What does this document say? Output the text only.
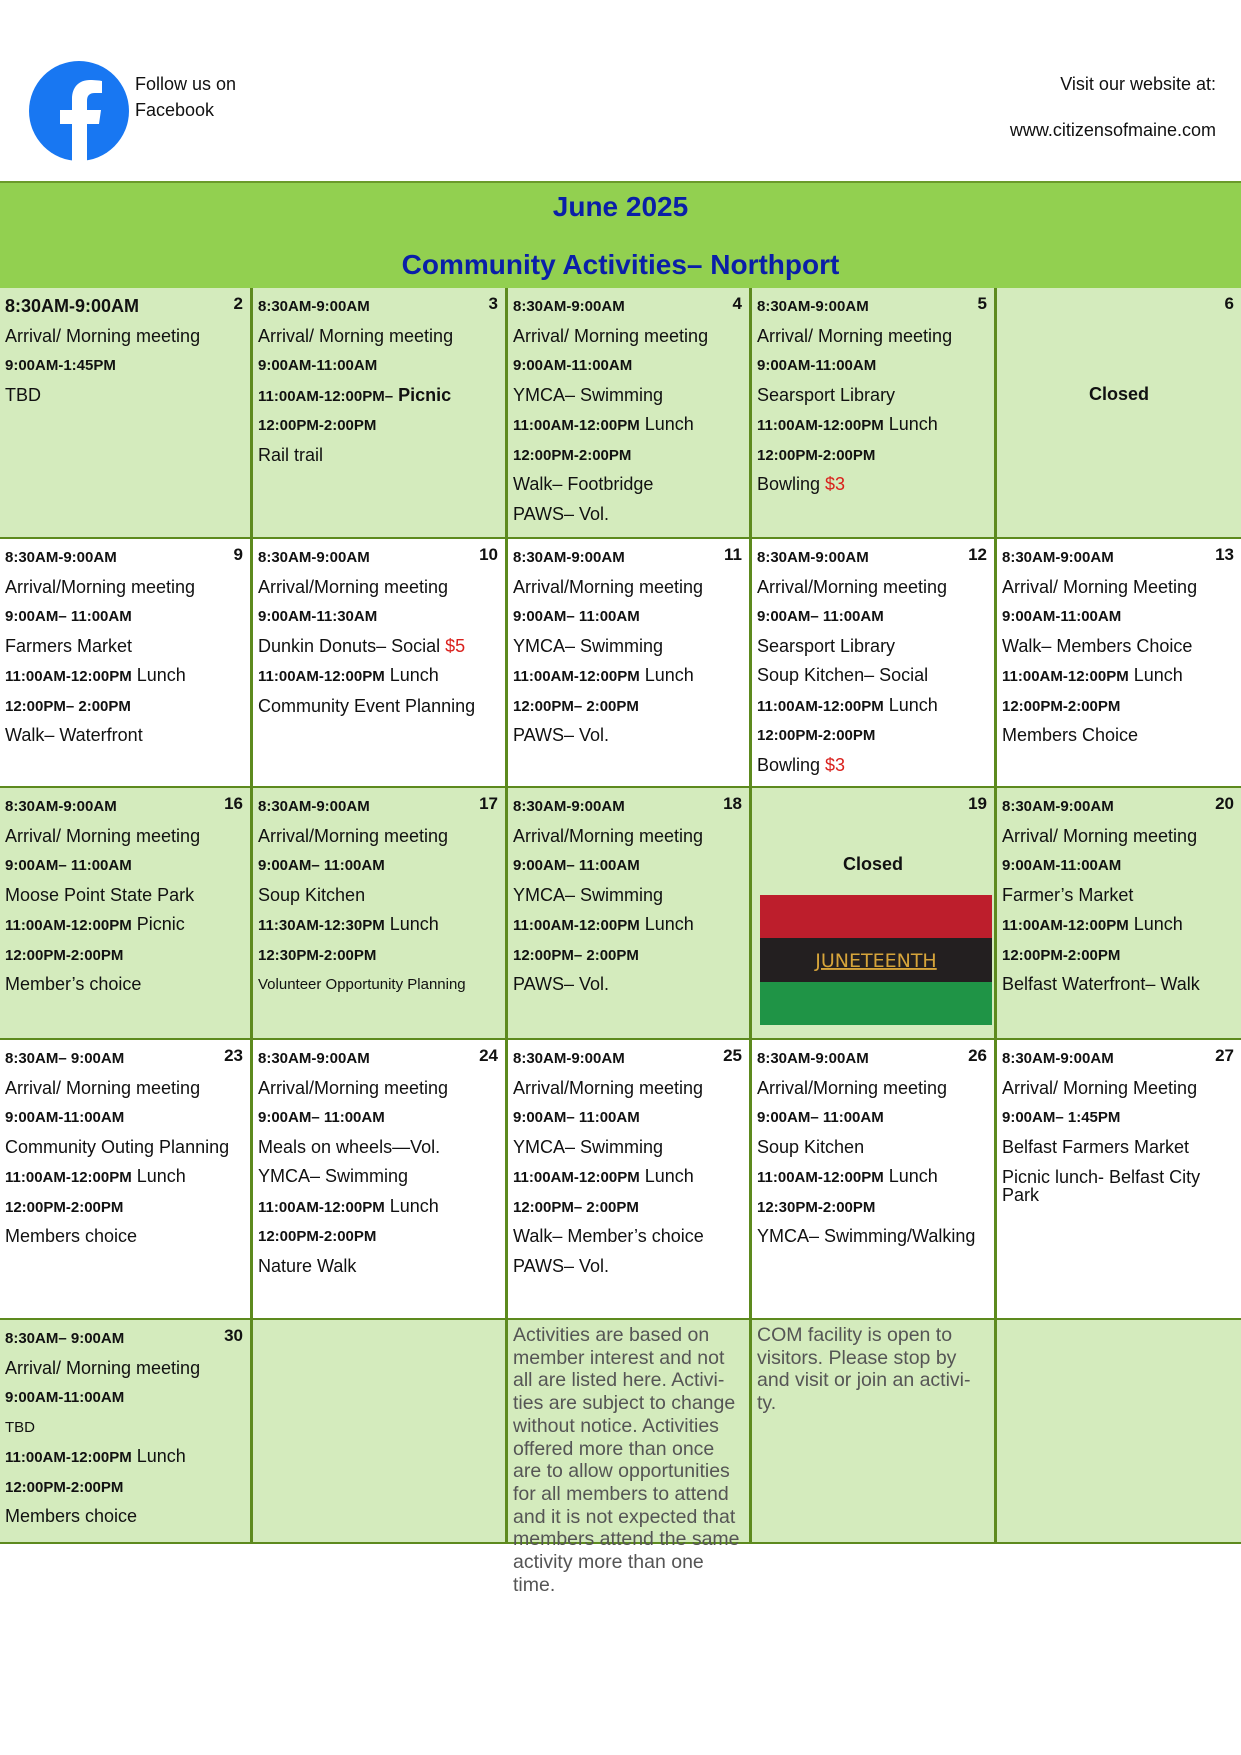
Follow us on
Facebook
Visit our website at:
www.citizensofmaine.com
June 2025
Community Activities– Northport
2
8:30AM-9:00AM
Arrival/ Morning meeting
9:00AM-1:45PM
TBD
3
8:30AM-9:00AM
Arrival/ Morning meeting
9:00AM-11:00AM
11:00AM-12:00PM– Picnic
12:00PM-2:00PM
Rail trail
4
8:30AM-9:00AM
Arrival/ Morning meeting
9:00AM-11:00AM
YMCA– Swimming
11:00AM-12:00PM Lunch
12:00PM-2:00PM
Walk– Footbridge
PAWS– Vol.
5
8:30AM-9:00AM
Arrival/ Morning meeting
9:00AM-11:00AM
Searsport Library
11:00AM-12:00PM Lunch
12:00PM-2:00PM
Bowling $3
6
Closed
9
8:30AM-9:00AM
Arrival/Morning meeting
9:00AM– 11:00AM
Farmers Market
11:00AM-12:00PM Lunch
12:00PM– 2:00PM
Walk– Waterfront
10
8:30AM-9:00AM
Arrival/Morning meeting
9:00AM-11:30AM
Dunkin Donuts– Social $5
11:00AM-12:00PM Lunch
Community Event Planning
11
8:30AM-9:00AM
Arrival/Morning meeting
9:00AM– 11:00AM
YMCA– Swimming
11:00AM-12:00PM Lunch
12:00PM– 2:00PM
PAWS– Vol.
12
8:30AM-9:00AM
Arrival/Morning meeting
9:00AM– 11:00AM
Searsport Library
Soup Kitchen– Social
11:00AM-12:00PM Lunch
12:00PM-2:00PM
Bowling $3
13
8:30AM-9:00AM
Arrival/ Morning Meeting
9:00AM-11:00AM
Walk– Members Choice
11:00AM-12:00PM Lunch
12:00PM-2:00PM
Members Choice
16
8:30AM-9:00AM
Arrival/ Morning meeting
9:00AM– 11:00AM
Moose Point State Park
11:00AM-12:00PM Picnic
12:00PM-2:00PM
Member’s choice
17
8:30AM-9:00AM
Arrival/Morning meeting
9:00AM– 11:00AM
Soup Kitchen
11:30AM-12:30PM Lunch
12:30PM-2:00PM
Volunteer Opportunity Planning
18
8:30AM-9:00AM
Arrival/Morning meeting
9:00AM– 11:00AM
YMCA– Swimming
11:00AM-12:00PM Lunch
12:00PM– 2:00PM
PAWS– Vol.
19
Closed
JUNETEENTH
20
8:30AM-9:00AM
Arrival/ Morning meeting
9:00AM-11:00AM
Farmer’s Market
11:00AM-12:00PM Lunch
12:00PM-2:00PM
Belfast Waterfront– Walk
23
8:30AM– 9:00AM
Arrival/ Morning meeting
9:00AM-11:00AM
Community Outing Planning
11:00AM-12:00PM Lunch
12:00PM-2:00PM
Members choice
24
8:30AM-9:00AM
Arrival/Morning meeting
9:00AM– 11:00AM
Meals on wheels—Vol.
YMCA– Swimming
11:00AM-12:00PM Lunch
12:00PM-2:00PM
Nature Walk
25
8:30AM-9:00AM
Arrival/Morning meeting
9:00AM– 11:00AM
YMCA– Swimming
11:00AM-12:00PM Lunch
12:00PM– 2:00PM
Walk– Member’s choice
PAWS– Vol.
26
8:30AM-9:00AM
Arrival/Morning meeting
9:00AM– 11:00AM
Soup Kitchen
11:00AM-12:00PM Lunch
12:30PM-2:00PM
YMCA– Swimming/Walking
27
8:30AM-9:00AM
Arrival/ Morning Meeting
9:00AM– 1:45PM
Belfast Farmers Market
Picnic lunch- Belfast City Park
30
8:30AM– 9:00AM
Arrival/ Morning meeting
9:00AM-11:00AM
TBD
11:00AM-12:00PM Lunch
12:00PM-2:00PM
Members choice
Activities are based on member interest and not all are listed here. Activi-ties are subject to change without notice. Activities offered more than once are to allow opportunities for all members to attend and it is not expected that members attend the same activity more than one time.
COM facility is open to visitors. Please stop by and visit or join an activi-ty.
